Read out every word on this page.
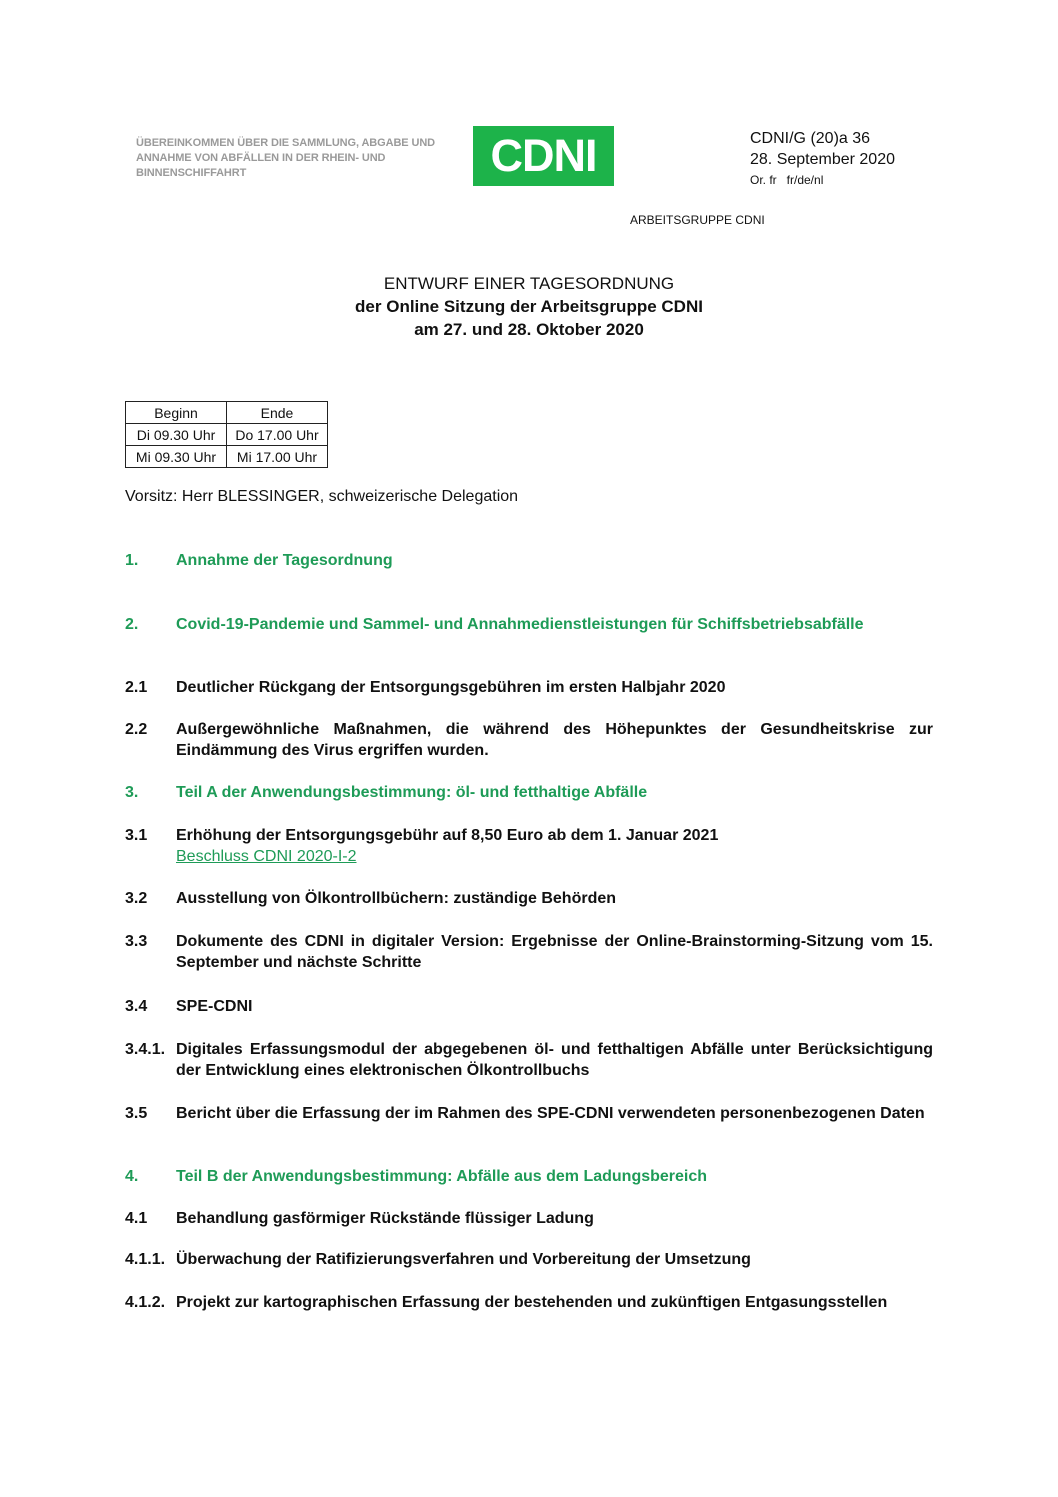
ÜBEREINKOMMEN ÜBER DIE SAMMLUNG, ABGABE UND ANNAHME VON ABFÄLLEN IN DER RHEIN- UND BINNENSCHIFFAHRT	CDNI	CDNI/G (20)a 36
28. September 2020
Or. fr   fr/de/nl
ARBEITSGRUPPE CDNI
ENTWURF EINER TAGESORDNUNG
der Online Sitzung der Arbeitsgruppe CDNI
am 27. und 28. Oktober 2020
Beginn	Ende
Di 09.30 Uhr	Do 17.00 Uhr
Mi 09.30 Uhr	Mi 17.00 Uhr
Vorsitz: Herr BLESSINGER, schweizerische Delegation
1.	Annahme der Tagesordnung
2.	Covid-19-Pandemie und Sammel- und Annahmedienstleistungen für Schiffsbetriebsabfälle
2.1	Deutlicher Rückgang der Entsorgungsgebühren im ersten Halbjahr 2020
2.2	Außergewöhnliche Maßnahmen, die während des Höhepunktes der Gesundheitskrise zur Eindämmung des Virus ergriffen wurden.
3.	Teil A der Anwendungsbestimmung: öl- und fetthaltige Abfälle
3.1	Erhöhung der Entsorgungsgebühr auf 8,50 Euro ab dem 1. Januar 2021
Beschluss CDNI 2020-I-2
3.2	Ausstellung von Ölkontrollbüchern: zuständige Behörden
3.3	Dokumente des CDNI in digitaler Version: Ergebnisse der Online-Brainstorming-Sitzung vom 15. September und nächste Schritte
3.4	SPE-CDNI
3.4.1. Digitales Erfassungsmodul der abgegebenen öl- und fetthaltigen Abfälle unter Berücksichtigung der Entwicklung eines elektronischen Ölkontrollbuchs
3.5	Bericht über die Erfassung der im Rahmen des SPE-CDNI verwendeten personenbezogenen Daten
4.	Teil B der Anwendungsbestimmung: Abfälle aus dem Ladungsbereich
4.1	Behandlung gasförmiger Rückstände flüssiger Ladung
4.1.1. Überwachung der Ratifizierungsverfahren und Vorbereitung der Umsetzung
4.1.2. Projekt zur kartographischen Erfassung der bestehenden und zukünftigen Entgasungsstellen
